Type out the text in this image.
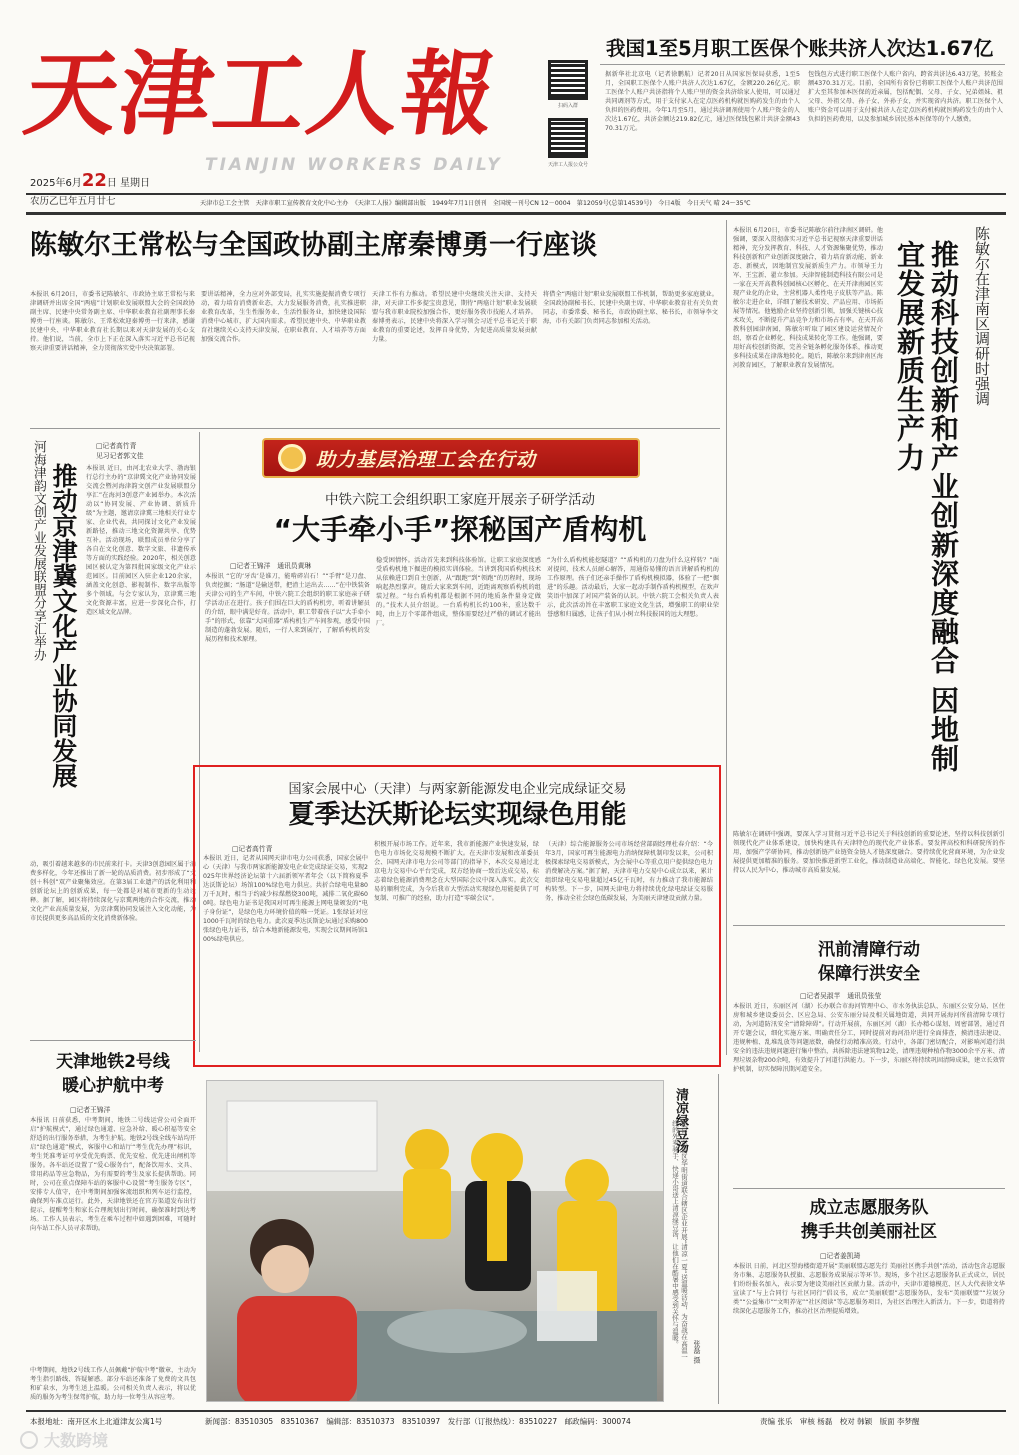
天津工人報
TIANJIN WORKERS DAILY
2025年6月22日 星期日
农历乙巳年五月廿七
扫码入群
天津工人报公众号
我国1至5月职工医保个账共济人次达1.67亿
据新华社北京电（记者徐鹏航）记者20日从国家医保局获悉，1至5月，全国职工医保个人账户共济人次达1.67亿，金额220.26亿元。职工医保个人账户共济指将个人账户里的资金共济给家人使用，可以通过共同调剂等方式，用于支付家人在定点医药机构就医购药发生的由个人负担的医药费用。今年1月至5月，通过共济调剂使用个人账户资金的人次达1.67亿，共济金额达219.82亿元，通过医保钱包累计共济金额4370.31万元。
包钱包方式进行职工医保个人账户省内、跨省共济达6.43万笔，转账金额4370.31万元。目前，全国所有省份已将职工医保个人账户共济范围扩大至其参加本医保的近亲属，包括配偶、父母、子女、兄弟姐妹、祖父母、外祖父母、孙子女、外孙子女，并实现省内共济。职工医保个人账户资金可以用于支付被共济人在定点医药机构就医购药发生的由个人负担的医药费用，以及参加城乡居民基本医保等的个人缴费。
天津市总工会主管　天津市职工宣传教育文化中心主办　《天津工人报》编辑部出版　1949年7月1日创刊　全国统一刊号CN 12－0004　第12059号(总第14539号)　今日4版　今日天气 晴 24～35℃
陈敏尔王常松与全国政协副主席秦博勇一行座谈
本报讯 6月20日，市委书记陈敏尔、市政协主席王常松与来津调研并出席全国“两癌”计划职业发展联盟大会的全国政协副主席、民建中央常务副主席、中华职业教育社副理事长秦博勇一行座谈。陈敏尔、王常松欢迎秦博勇一行来津，感谢民建中央、中华职业教育社长期以来对天津发展的关心支持。他们说，当前，全市上下正在深入落实习近平总书记视察天津重要讲话精神，全力贯彻落实党中央决策部署。
要讲话精神，全力应对外部变局，扎实实施提振消费专项行动，着力培育消费新业态，大力发展服务消费，扎实推进职业教育改革，生生性服务业、生活性服务业，加快建设国际消费中心城市，扩大国内需求。希望民建中央、中华职业教育社继续关心支持天津发展，在职业教育、人才培养等方面加强交流合作。
天津工作有力推动。希望民建中央继续关注天津、支持天津，对天津工作多提宝贵意见，期待“两癌计划”职业发展联盟与我市职业院校加强合作，更好服务我市技能人才培养。秦博勇表示，民建中央将深入学习领会习近平总书记关于职业教育的重要论述，发挥自身优势，为促进高质量发展贡献力量。
将借全“两癌计划”职业发展联盟工作机制，帮助更多家庭就业。全国政协副秘书长、民建中央副主席、中华职业教育社有关负责同志，市委常委、秘书长，市政协副主席、秘书长，市领导李文海，市有关部门负责同志参加相关活动。
本报讯 6月20日，市委书记陈敏尔前往津南区调研。他强调，要深入贯彻落实习近平总书记视察天津重要讲话精神，充分发挥教育、科技、人才资源集聚优势，推动科技创新和产业创新深度融合，着力培育新动能、新业态、新模式，因地制宜发展新质生产力。市领导王力军、王宝新、翟立参加。天津智能制造科技有限公司是一家在天开高教科创园核心区孵化、在天开津南园区实现产业化的企业，主营机器人柔性电子皮肤等产品。陈敏尔走进企业，详细了解技术研发、产品应用、市场拓展等情况。他勉励企业坚持创新引领，加强关键核心技术攻关，不断提升产品竞争力和市场占有率。在天开高教科创园津南园，陈敏尔听取了园区建设运营情况介绍，察看企业孵化、科技成果转化等工作。他强调，要用好高校创新资源，完善全链条孵化服务体系，推动更多科技成果在津落地转化。随后，陈敏尔来到津南区海河教育园区，了解职业教育发展情况。	推动科技创新和产业创新深度融合 因地制宜发展新质生产力	陈敏尔在津南区调研时强调
陈敏尔在调研中强调，要深入学习贯彻习近平总书记关于科技创新的重要论述，坚持以科技创新引领现代化产业体系建设，加快构建具有天津特色的现代化产业体系。要发挥高校和科研院所的作用，加强产学研协同，推动创新链产业链资金链人才链深度融合。要持续优化营商环境，为企业发展提供更加精准的服务。要加快推进新型工业化，推动制造业高端化、智能化、绿色化发展。要坚持以人民为中心，推动城市高质量发展。
河海津韵文创产业发展联盟分享汇举办 推动京津冀文化产业协同发展
□记者高竹青
见习记者郭文佳
本报讯 近日，由河北农业大学、渤海银行总行主办的“京津冀文化产业协同发展交流会暨河海津韵文创产业发展联盟分享汇”在海河3创意产业园举办。本次活动以“协同发展、产业协调、新质升级”为主题，邀请京津冀三地相关行业专家、企业代表，共同探讨文化产业发展新路径，推动三地文化资源共享、优势互补。活动现场，联盟成员单位分享了各自在文化创意、数字文旅、非遗传承等方面的实践经验。2020年，相关创意园区被认定为第四批国家级文化产业示范园区。目前园区入驻企业120余家，涵盖文化创意、影视制作、数字出版等多个领域。与会专家认为，京津冀三地文化资源丰富，应进一步深化合作，打造区域文化品牌。
动，吸引着越来越多的市民前来打卡。天津3创意园区属于消费多样化，今年还推出了新一轮的品质消费。初步形成了“文创＋科创”双产业聚集效应。在第3届工业遗产的活化利用和创新论坛上的创新成果，每一处都是对城市更新的生动诠释。据了解，园区将持续深化与京冀两地的合作交流，推动文化产业高质量发展，为京津冀协同发展注入文化动能，为市民提供更多高品质的文化消费新体验。
助力基层治理工会在行动
中铁六院工会组织职工家庭开展亲子研学活动
“大手牵小手”探秘国产盾构机
□记者王锦洋　通讯员黄琳
本报讯 “它的‘牙齿’是谁刀，能啃碎岩石！”“手臂”是刀盘、负责挖掘；“肠道”是输送带，把渣土运出去……”在中铁装备天津公司的生产车间，中铁六院工会组织的职工家庭亲子研学活动正在进行。孩子们围在巨大的盾构机旁，听着讲解员的介绍，眼中满是好奇。活动中，职工带着孩子以“大手牵小手”的形式，依靠“大国重器”盾构机生产车间参观，感受中国制造的蓬勃发展。随后，一行人来到展厅，了解盾构机的发展历程和技术原理。
稳受困情怀。活动首先来到科技体验馆。让职工家庭深度感受盾构机地下掘进的模拟实训体验。当讲到我国盾构机技术从依赖进口到自主创新，从“跟跑”到“领跑”的历程时，现场响起热烈掌声。随后大家来到车间，近距离观察盾构机的组装过程。“每台盾构机都是根据不同的地质条件量身定做的。”技术人员介绍说。一台盾构机长约100米，重达数千吨，由上万个零部件组成，整体需要经过严格的调试才能出厂。
“为什么盾构机能挖隧道？”“盾构机的刀盘为什么这样转？”面对提问，技术人员耐心解答，用通俗易懂的语言讲解盾构机的工作原理。孩子们还亲手操作了盾构机模拟器，体验了一把“掘进”的乐趣。活动最后，大家一起动手制作盾构机模型，在欢声笑语中加深了对国产装备的认识。中铁六院工会相关负责人表示，此次活动旨在丰富职工家庭文化生活，增强职工的职业荣誉感和归属感，让孩子们从小树立科技报国的远大理想。
国家会展中心（天津）与两家新能源发电企业完成绿证交易
夏季达沃斯论坛实现绿色用能
□记者高竹青
本报讯 近日，记者从国网天津市电力公司获悉，国家会展中心（天津）与我市两家新能源发电企业完成绿证交易，实现2025年世界经济论坛第十六届新领军者年会（以下简称夏季达沃斯论坛）场馆100%绿色电力供应。共折合绿电电量80万千瓦时，相当于约减少标煤燃烧300吨，减排二氧化碳600吨。绿色电力证书是我国对可再生能源上网电量颁发的“电子身份证”，是绿色电力环境价值的唯一凭证。1张绿证对应1000千瓦时的绿色电力。此次夏季达沃斯论坛通过采购800张绿色电力证书，结合本地新能源发电，实现会议期间场馆100%绿电供应。
积极开展市场工作。近年来，我市新能源产业快速发展，绿色电力市场化交易规模不断扩大。在天津市发展和改革委员会、国网天津市电力公司等部门的指导下，本次交易通过北京电力交易中心平台完成，双方经协商一致后达成交易，标志着绿色能源消费理念在大型国际会议中深入落实。此次交易的顺利完成，为今后我市大型活动实现绿色用能提供了可复制、可推广的经验，助力打造“零碳会议”。
（天津）综合能源服务公司市场经营部副经理杜春介绍：“今年3月，国家可再生能源电力消纳保障机制印发以来，公司积极探索绿电交易新模式，为会展中心等重点用户提供绿色电力消费解决方案。”据了解，天津市电力交易中心成立以来，累计组织绿电交易电量超过45亿千瓦时，有力推动了我市能源结构转型。下一步，国网天津电力将持续优化绿电绿证交易服务，推动全社会绿色低碳发展，为美丽天津建设贡献力量。
天津地铁2号线
暖心护航中考
□记者王锦洋
本报讯 日前获悉，中考期间，地铁二号线运营公司全面开启“护航模式”，通过绿色通道、应急补给、暖心积福等安全舒适的出行服务举措，为考生护航。地铁2号线全线车站均开启“绿色通道”模式，客服中心和站厅“考生优先办理”标识，考生凭准考证可享受优先购票、优先安检、优先进出闸机等服务。各车站还设置了“爱心服务台”，配备饮用水、文具、常用药品等应急物品，为有需要的考生及家长提供帮助。同时，公司在重点保障车站的客服中心设置“考生服务专区”，安排专人值守，在中考期间加强客流组织和列车运行监控，确保列车准点运行。此外，天津地铁还在官方渠道发布出行提示，提醒考生和家长合理规划出行时间，确保准时到达考场。工作人员表示，考生在乘车过程中如遇到困难，可随时向车站工作人员寻求帮助。
中考期间，地铁2号线工作人员佩戴“护航中考”徽章，主动为考生指引路线、答疑解惑。部分车站还准备了免费的文具包和矿泉水，为考生送上温暖。公司相关负责人表示，将以优质的服务为考生保驾护航，助力每一位考生从容应考。
清凉绿豆汤
近日，东丽区华明街道联合辖区企业开展“清凉一夏”送温暖活动，为奋战在高温一线的外卖骑手、快递小哥送上清凉绿豆汤，让他们在酷暑中感受到关怀与温暖。
张磊 摄
汛前清障行动
保障行洪安全
□记者吴淑芊　通讯员张莹
本报讯 近日，东丽区河（湖）长办联合市海河管理中心、市水务执法总队、东丽区公安分局、区住房和城乡建设委员会、区应急局、公安东丽分局及相关属地街道，共同开展海河所前清障专项行动，为河道防汛安全“清除障碍”。行动开展前，东丽区河（湖）长办精心谋划、周密部署，通过召开专题会议，细化实施方案、明确责任分工，同时提前对海河沿岸进行全面排查，摸清违法建设、违规种植、乱堆乱放等问题底数，确保行动精准高效。行动中，各部门密切配合，对影响河道行洪安全的违法违规问题进行集中整治，共拆除违法建筑物12处，清理违规种植作物3000余平方米、清理垃圾杂物200余吨，有效提升了河道行洪能力。下一步，东丽区将持续巩固清障成果，建立长效管护机制，切实保障汛期河道安全。
成立志愿服务队
携手共创美丽社区
□记者姜凯琦
本报讯 日前，河北区望海楼街道开展“美丽联盟志愿先行 美丽社区携手共创”活动，活动包含志愿服务市集、志愿服务队授旗、志愿服务成果展示等环节。现场，多个社区志愿服务队正式成立，居民们纷纷报名加入，表示要为建设美丽社区贡献力量。活动中，天津市道德模范、区人大代表徐文华宣读了“与上合同行 与社区同行”倡议书，成立“美丽联盟”志愿服务队，发布“美丽联盟”“垃圾分类”“公益集市”“文明养宠”“社区阅读”等志愿服务项目，为社区治理注入新活力。下一步，街道将持续深化志愿服务工作，推动社区治理提质增效。
本报地址：南开区水上北道津友公寓1号	新闻部：83510305　83510367　编辑部：83510373　83510397　发行部（订报热线）：83510227　邮政编码：300074	责编 张乐　审核 杨磊　校对 韩颖　版面 李梦醒
大数跨境
